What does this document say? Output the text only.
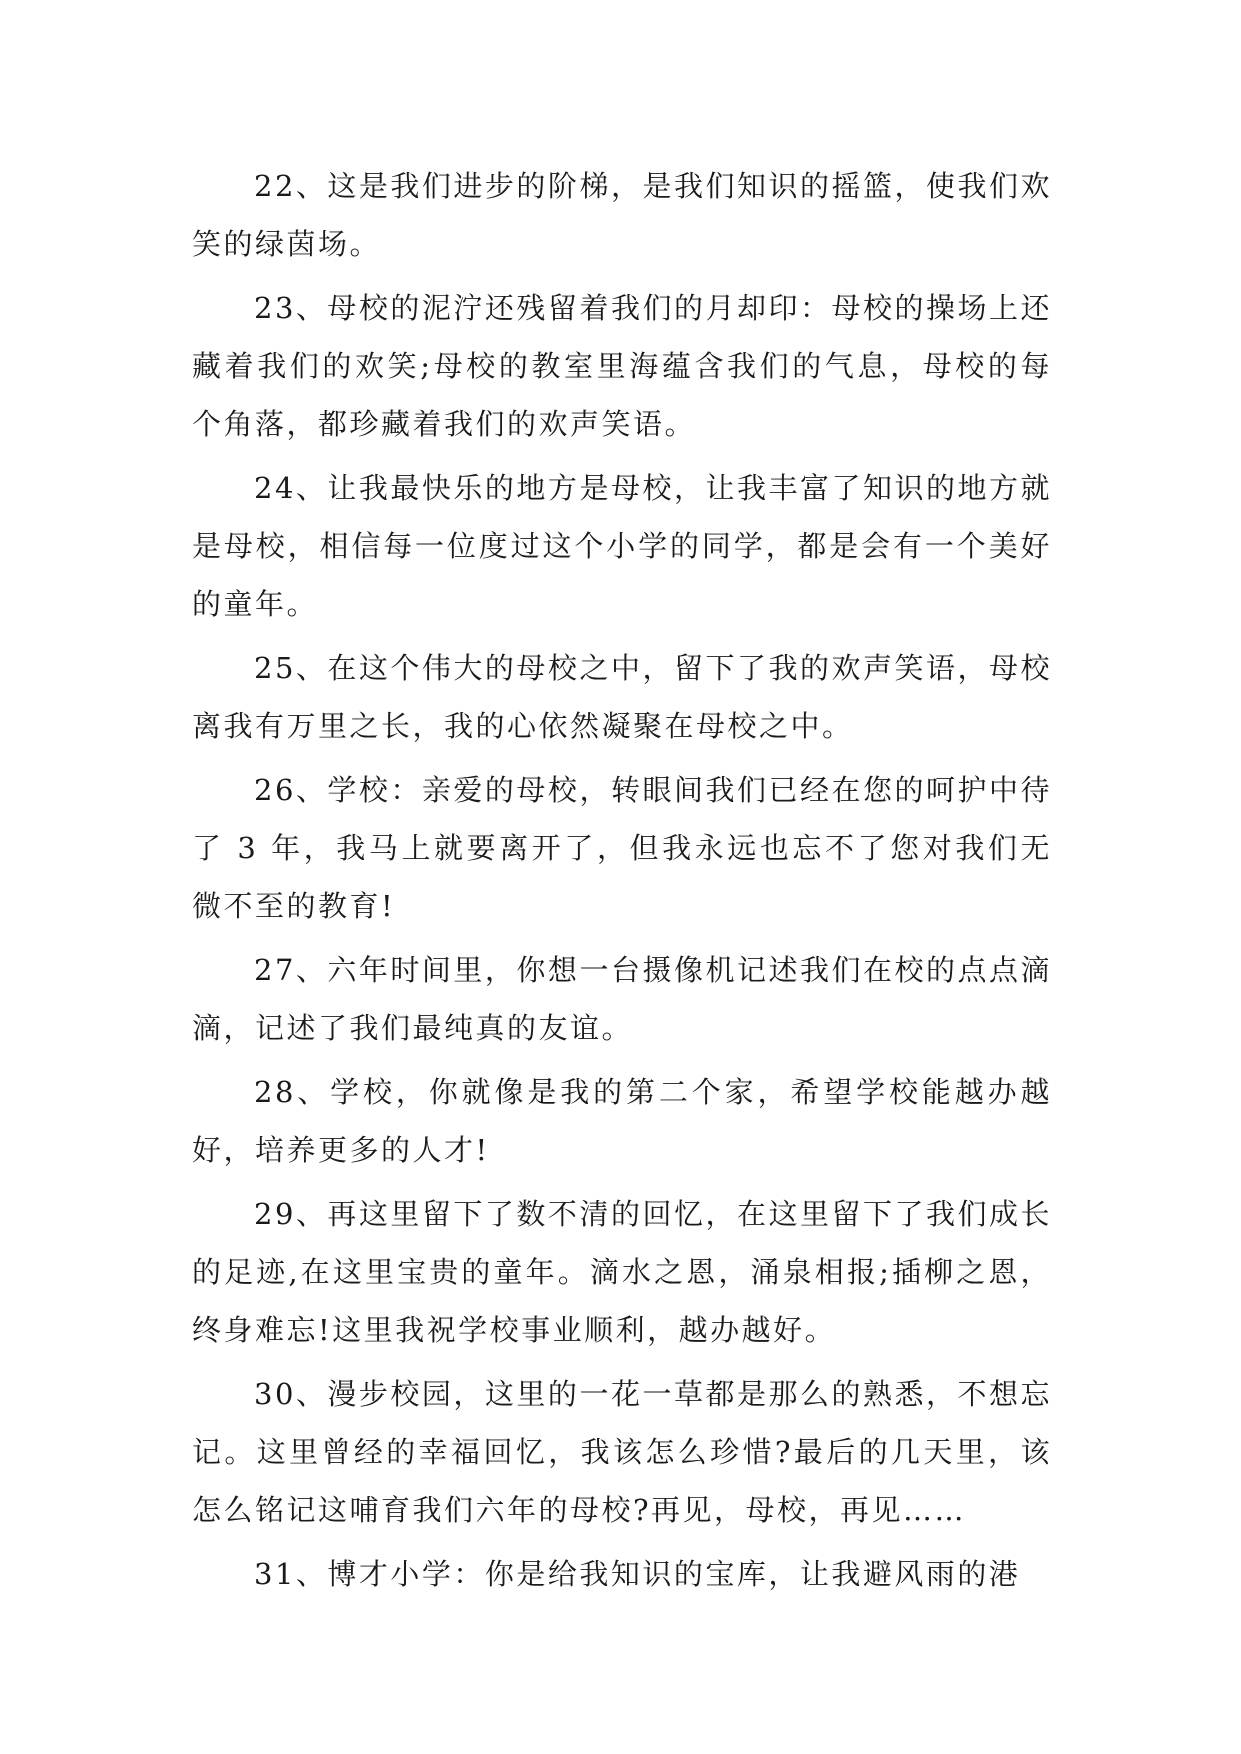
22、这是我们进步的阶梯，是我们知识的摇篮，使我们欢笑的绿茵场。

23、母校的泥泞还残留着我们的月却印：母校的操场上还藏着我们的欢笑;母校的教室里海蕴含我们的气息，母校的每个角落，都珍藏着我们的欢声笑语。

24、让我最快乐的地方是母校，让我丰富了知识的地方就是母校，相信每一位度过这个小学的同学，都是会有一个美好的童年。

25、在这个伟大的母校之中，留下了我的欢声笑语，母校离我有万里之长，我的心依然凝聚在母校之中。

26、学校：亲爱的母校，转眼间我们已经在您的呵护中待了 3 年，我马上就要离开了，但我永远也忘不了您对我们无微不至的教育!

27、六年时间里，你想一台摄像机记述我们在校的点点滴滴，记述了我们最纯真的友谊。

28、学校，你就像是我的第二个家，希望学校能越办越好，培养更多的人才!

29、再这里留下了数不清的回忆，在这里留下了我们成长的足迹,在这里宝贵的童年。滴水之恩，涌泉相报;插柳之恩，终身难忘!这里我祝学校事业顺利，越办越好。

30、漫步校园，这里的一花一草都是那么的熟悉，不想忘记。这里曾经的幸福回忆，我该怎么珍惜?最后的几天里，该怎么铭记这哺育我们六年的母校?再见，母校，再见……

31、博才小学：你是给我知识的宝库，让我避风雨的港
